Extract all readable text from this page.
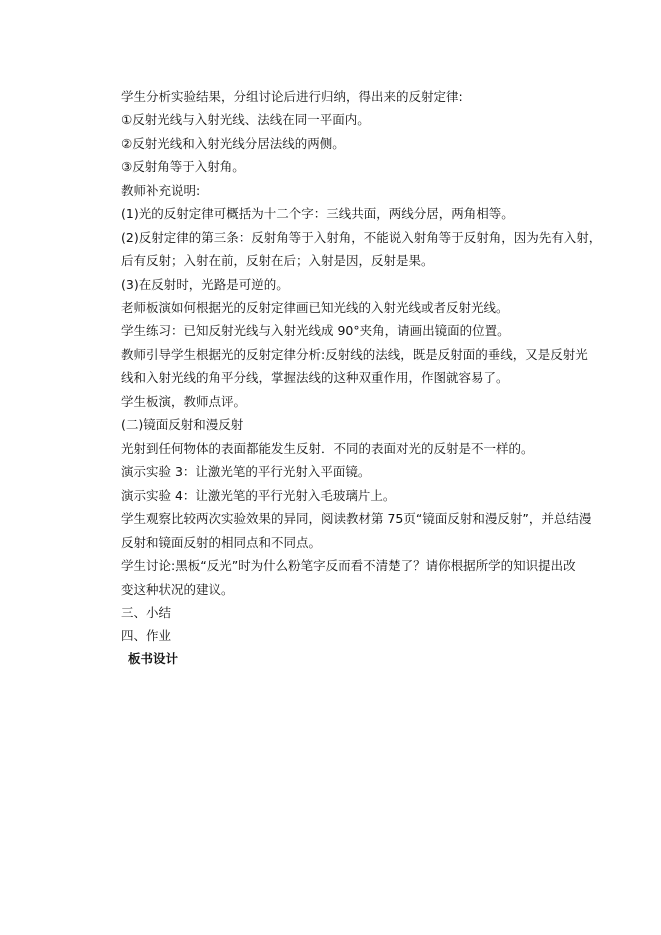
学生分析实验结果，分组讨论后进行归纳，得出来的反射定律:
①反射光线与入射光线、法线在同一平面内。
②反射光线和入射光线分居法线的两侧。
③反射角等于入射角。
教师补充说明:
(1)光的反射定律可概括为十二个字：三线共面，两线分居，两角相等。
(2)反射定律的第三条：反射角等于入射角，不能说入射角等于反射角，因为先有入射，
后有反射；入射在前，反射在后；入射是因，反射是果。
(3)在反射时，光路是可逆的。
老师板演如何根据光的反射定律画已知光线的入射光线或者反射光线。
学生练习：已知反射光线与入射光线成 90°夹角，请画出镜面的位置。
教师引导学生根据光的反射定律分析:反射线的法线，既是反射面的垂线，又是反射光
线和入射光线的角平分线，掌握法线的这种双重作用，作图就容易了。
学生板演，教师点评。
(二)镜面反射和漫反射
光射到任何物体的表面都能发生反射．不同的表面对光的反射是不一样的。
演示实验 3：让激光笔的平行光射入平面镜。
演示实验 4：让激光笔的平行光射入毛玻璃片上。
学生观察比较两次实验效果的异同，阅读教材第 75页“镜面反射和漫反射”，并总结漫
反射和镜面反射的相同点和不同点。
学生讨论:黑板“反光”时为什么粉笔字反而看不清楚了？请你根据所学的知识提出改
变这种状况的建议。
三、小结
四、作业
板书设计
